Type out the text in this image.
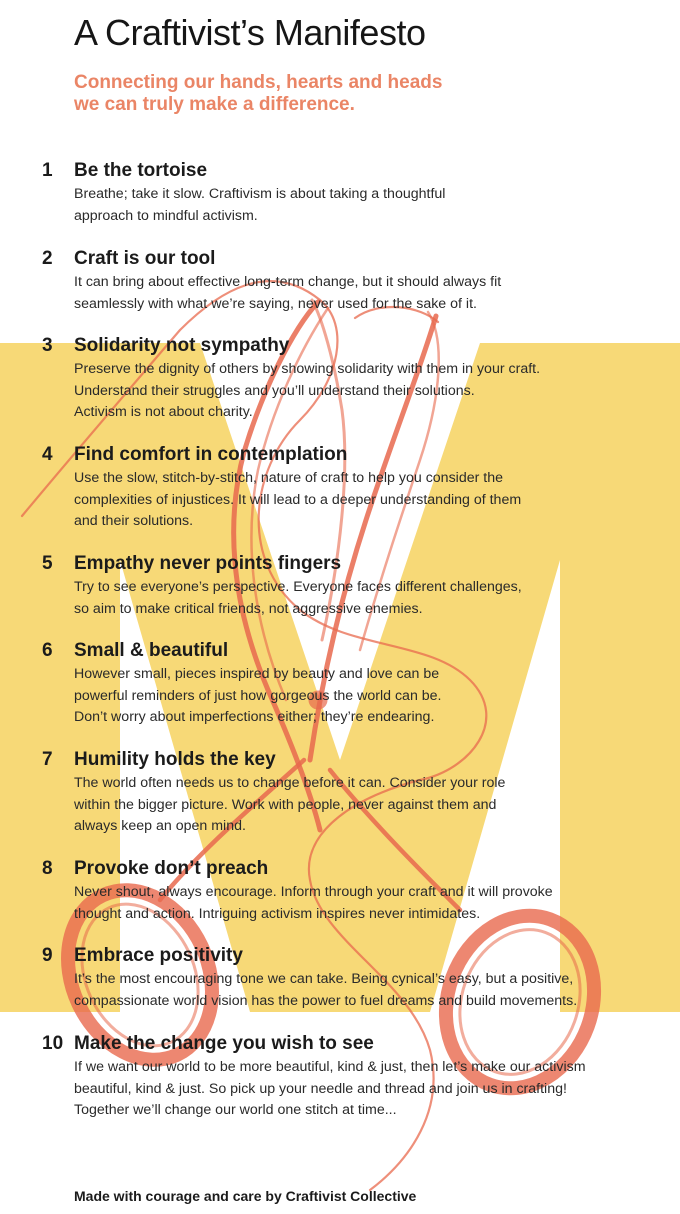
A Craftivist’s Manifesto
Connecting our hands, hearts and heads
we can truly make a difference.
1 Be the tortoise
Breathe; take it slow. Craftivism is about taking a thoughtful
approach to mindful activism.
2 Craft is our tool
It can bring about effective long-term change, but it should always fit
seamlessly with what we’re saying, never used for the sake of it.
3 Solidarity not sympathy
Preserve the dignity of others by showing solidarity with them in your craft.
Understand their struggles and you’ll understand their solutions.
Activism is not about charity.
4 Find comfort in contemplation
Use the slow, stitch-by-stitch, nature of craft to help you consider the
complexities of injustices. It will lead to a deeper understanding of them
and their solutions.
5 Empathy never points fingers
Try to see everyone’s perspective. Everyone faces different challenges,
so aim to make critical friends, not aggressive enemies.
6 Small & beautiful
However small, pieces inspired by beauty and love can be
powerful reminders of just how gorgeous the world can be.
Don’t worry about imperfections either; they’re endearing.
7 Humility holds the key
The world often needs us to change before it can. Consider your role
within the bigger picture. Work with people, never against them and
always keep an open mind.
8 Provoke don’t preach
Never shout, always encourage. Inform through your craft and it will provoke
thought and action. Intriguing activism inspires never intimidates.
9 Embrace positivity
It’s the most encouraging tone we can take. Being cynical’s easy, but a positive,
compassionate world vision has the power to fuel dreams and build movements.
10 Make the change you wish to see
If we want our world to be more beautiful, kind & just, then let’s make our activism
beautiful, kind & just. So pick up your needle and thread and join us in crafting!
Together we’ll change our world one stitch at time...
Made with courage and care by Craftivist Collective
